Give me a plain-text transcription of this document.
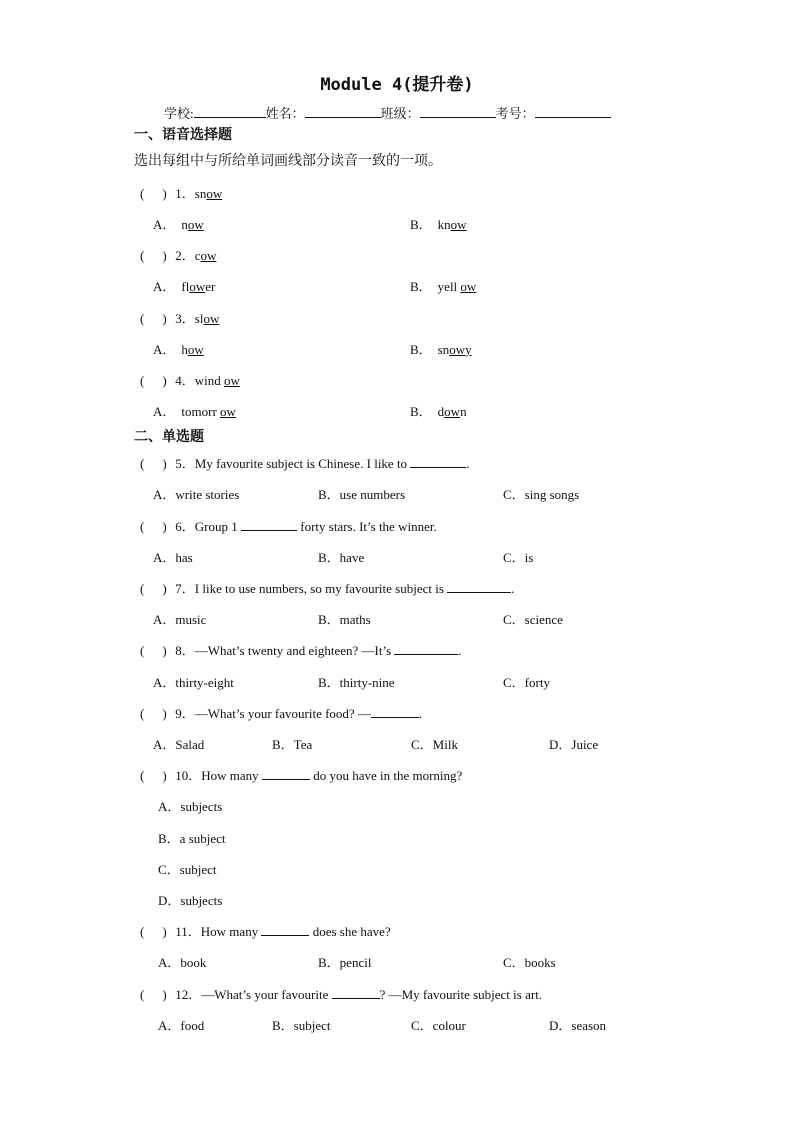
Module 4(提升卷)
学校:	姓名：	班级：	考号：
一、语音选择题
选出每组中与所给单词画线部分读音一致的一项。
( ) 1．snow
A． now	B． know
( ) 2．cow
A． flower	B． yell ow
( ) 3．slow
A． how	B． snowy
( ) 4．wind ow
A． tomorr ow	B． down
二、单选题
( ) 5．My favourite subject is Chinese. I like to	.
A．write stories	B．use numbers	C．sing songs
( ) 6．Group 1	forty stars. It’s the winner.
A．has	B．have	C．is
( ) 7．I like to use numbers, so my favourite subject is	.
A．music	B．maths	C．science
( ) 8．—What’s twenty and eighteen? —It’s	.
A．thirty-eight	B．thirty-nine	C．forty
( ) 9．—What’s your favourite food? —	.
A．Salad	B．Tea	C．Milk	D．Juice
( ) 10．How many	do you have in the morning?
A．subjects
B．a subject
C．subject
D．subjects
( ) 11．How many	does she have?
A．book	B．pencil	C．books
( ) 12．—What’s your favourite	? —My favourite subject is art.
A．food	B．subject	C．colour	D．season
